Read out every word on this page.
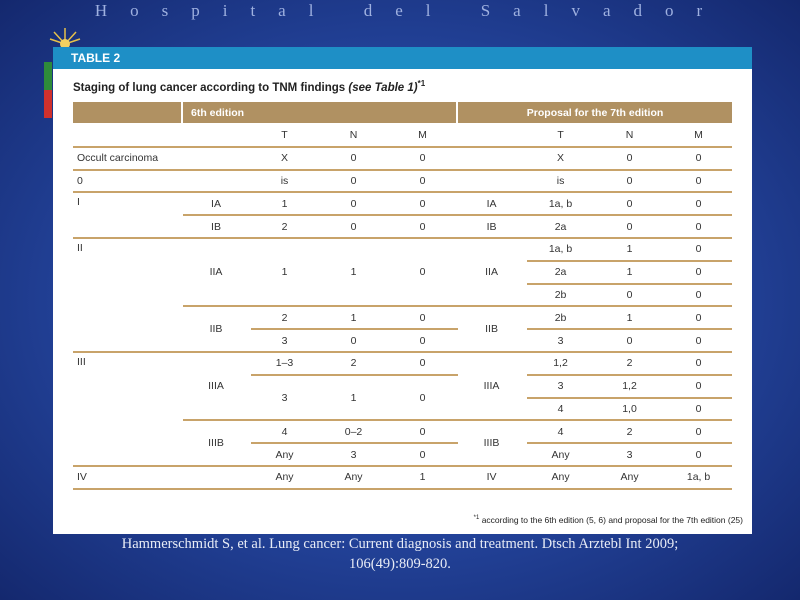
Hospital del Salvador
TABLE 2
Staging of lung cancer according to TNM findings (see Table 1)$^{*1}$
	6th edition				Proposal for the 7th edition			
		T	N	M		T	N	M
Occult carcinoma		X	0	0		X	0	0
0		is	0	0		is	0	0
I	IA	1	0	0	IA	1a, b	0	0
	IB	2	0	0	IB	2a	0	0
II	IIA	1	1	0	IIA	1a, b	1	0
						2a	1	0
						2b	0	0
	IIB	2	1	0	IIB	2b	1	0
		3	0	0		3	0	0
III	IIIA	1–3	2	0	IIIA	1,2	2	0
		3	1	0		3	1,2	0
						4	1,0	0
	IIIB	4	0–2	0	IIIB	4	2	0
		Any	3	0		Any	3	0
IV		Any	Any	1	IV	Any	Any	1a, b
$^{*1}$ according to the 6th edition (5, 6) and proposal for the 7th edition (25)
Hammerschmidt S, et al. Lung cancer: Current diagnosis and treatment. Dtsch Arztebl Int 2009;
106(49):809-820.
